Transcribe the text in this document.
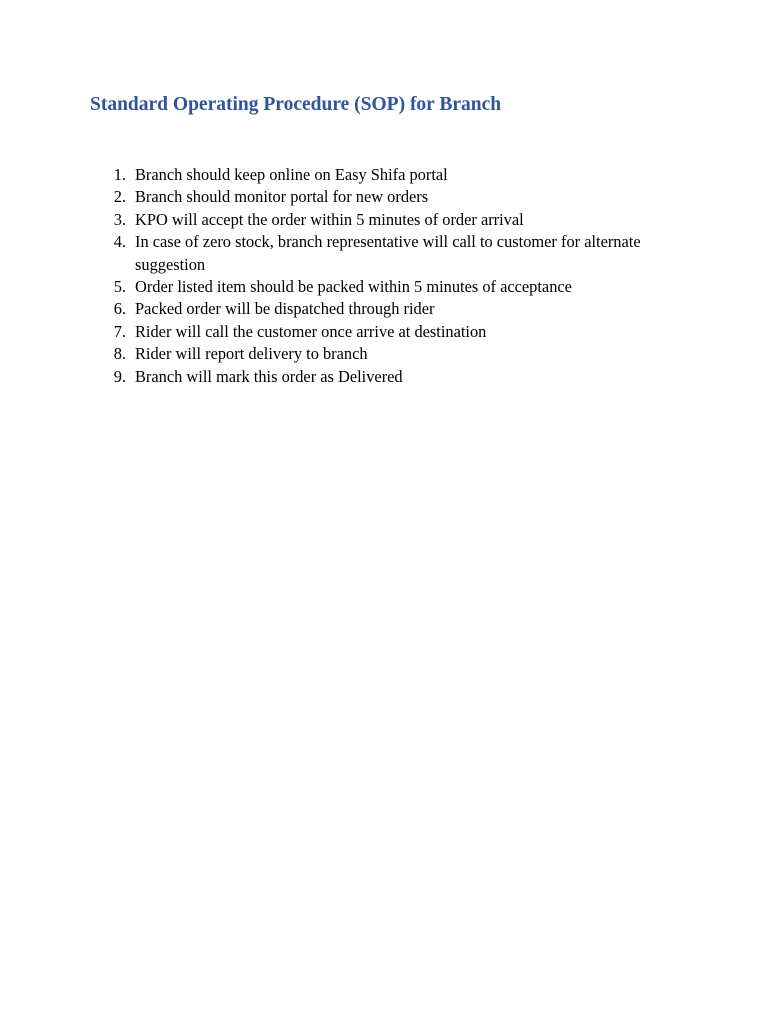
Standard Operating Procedure (SOP) for Branch
1. Branch should keep online on Easy Shifa portal
2. Branch should monitor portal for new orders
3. KPO will accept the order within 5 minutes of order arrival
4. In case of zero stock, branch representative will call to customer for alternate suggestion
5. Order listed item should be packed within 5 minutes of acceptance
6. Packed order will be dispatched through rider
7. Rider will call the customer once arrive at destination
8. Rider will report delivery to branch
9. Branch will mark this order as Delivered
